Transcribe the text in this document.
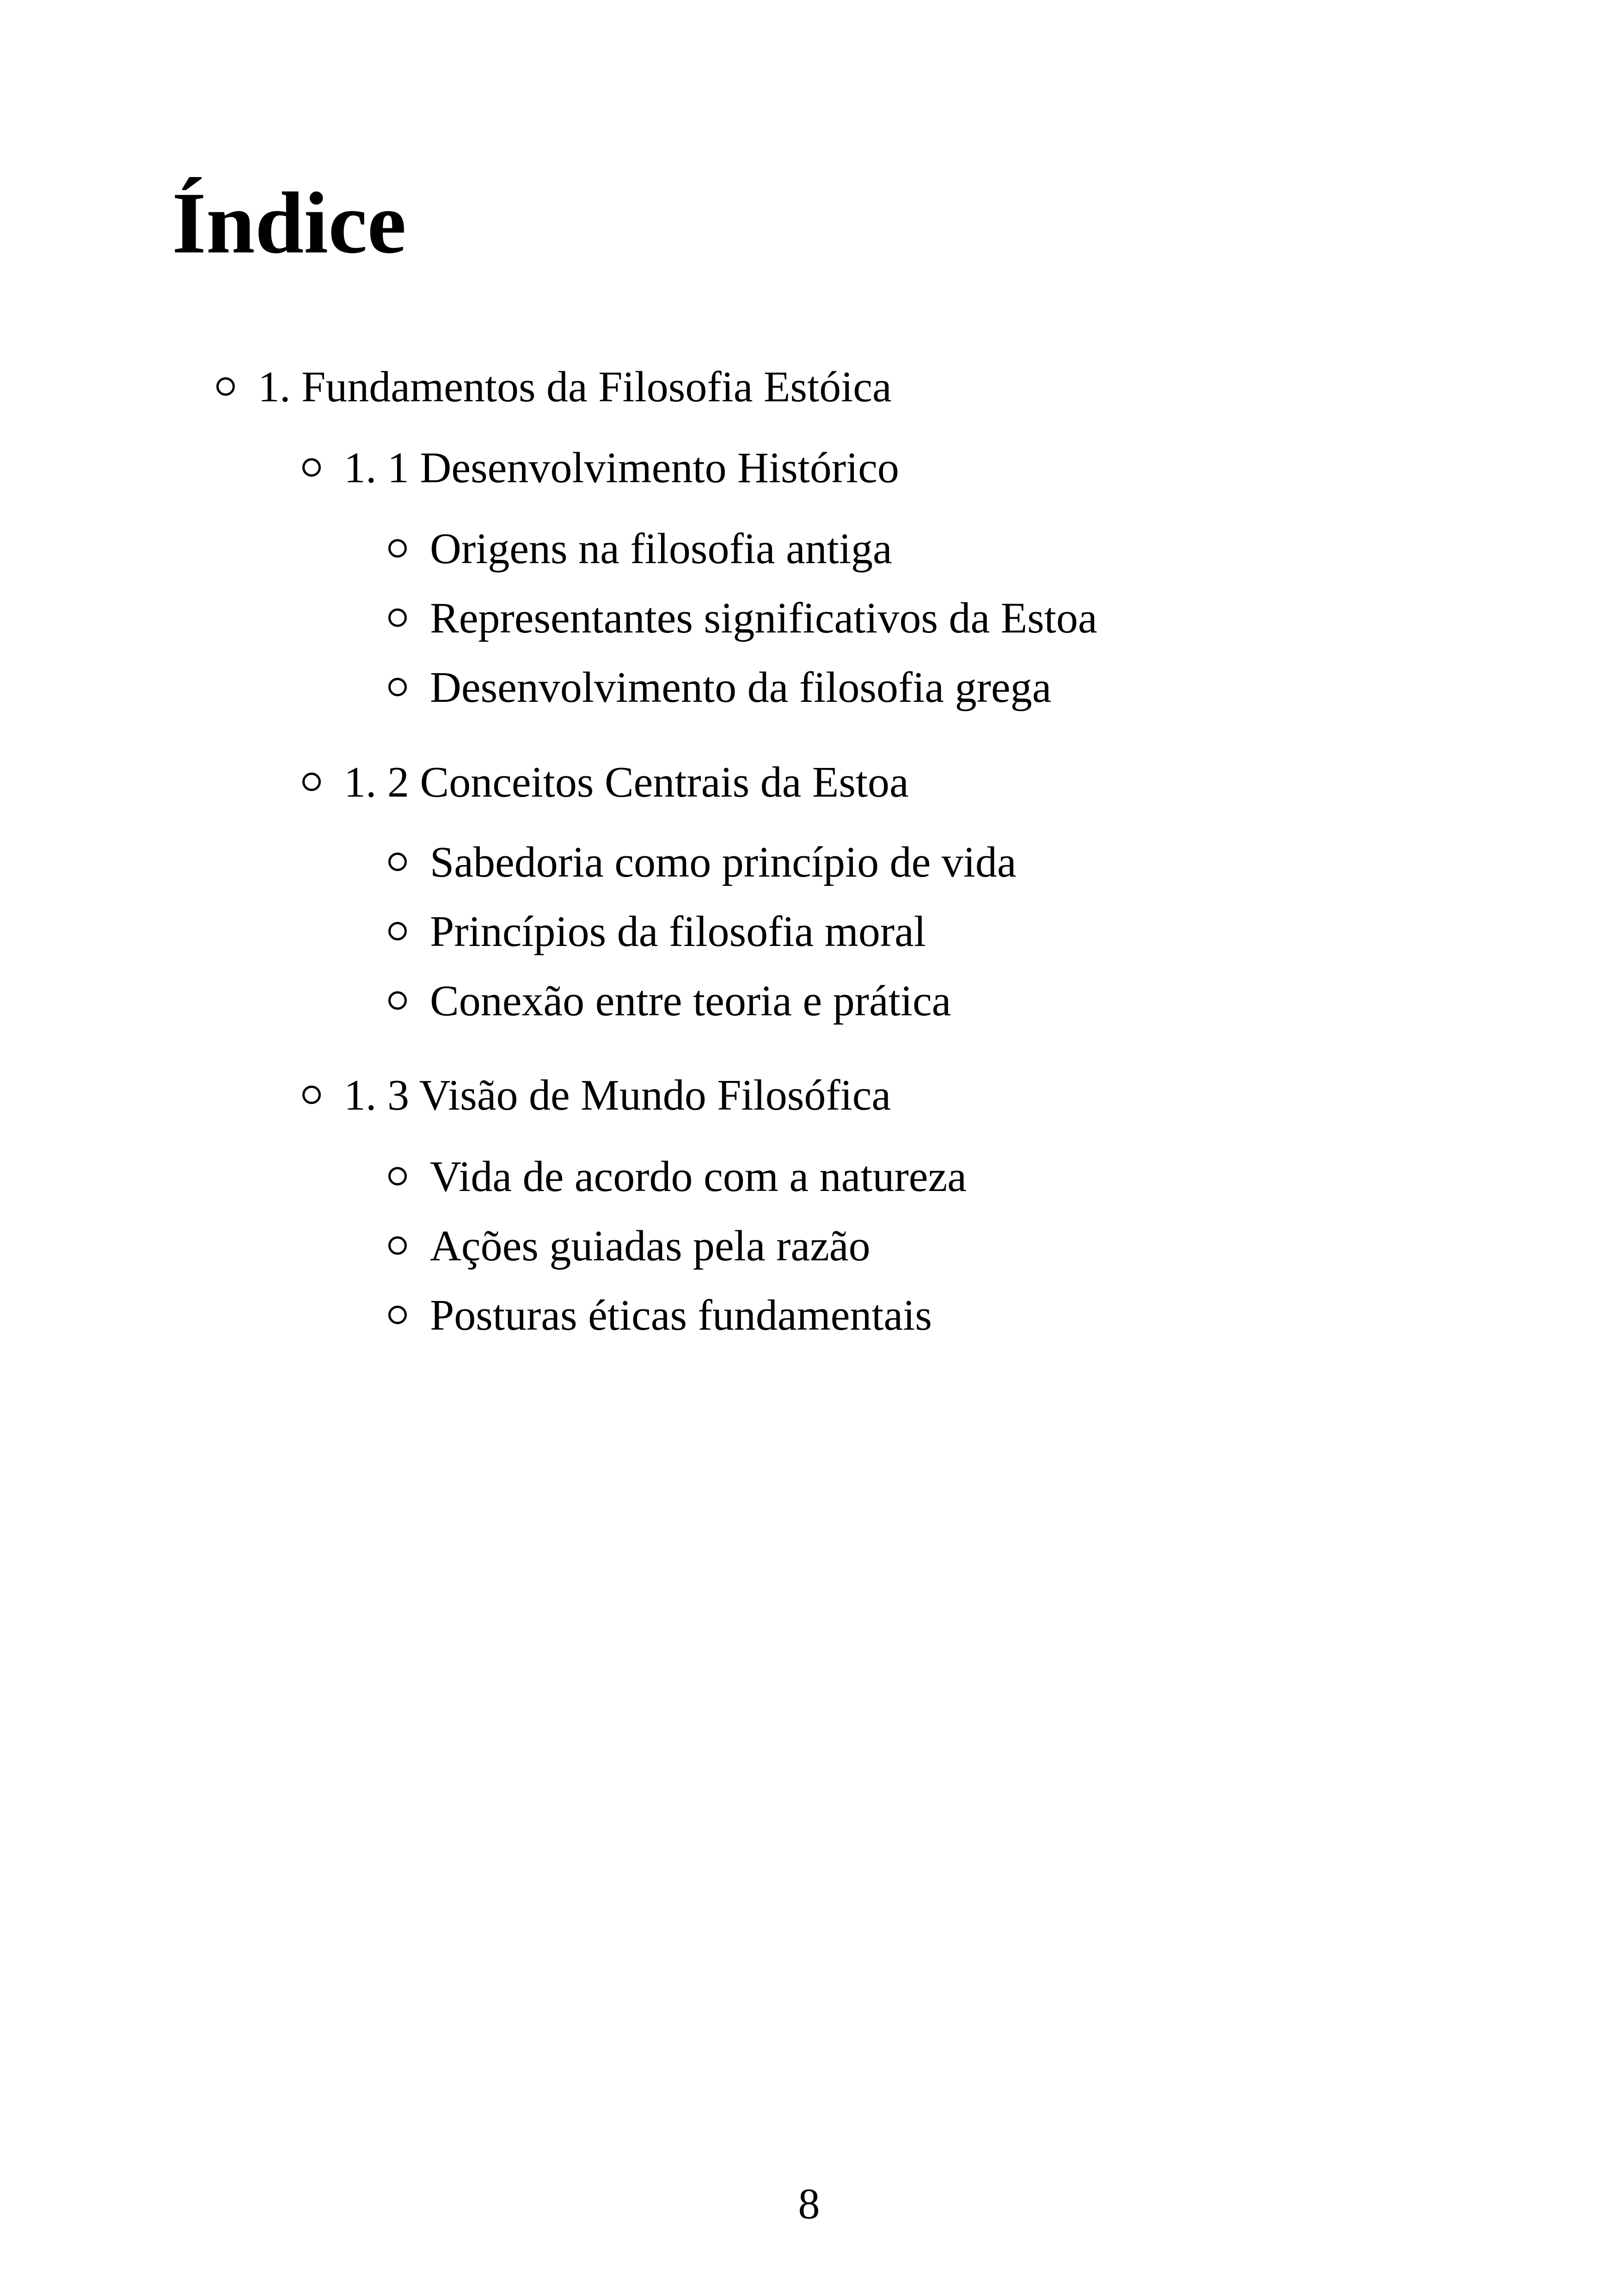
Índice
1. Fundamentos da Filosofia Estóica
1. 1 Desenvolvimento Histórico
Origens na filosofia antiga
Representantes significativos da Estoa
Desenvolvimento da filosofia grega
1. 2 Conceitos Centrais da Estoa
Sabedoria como princípio de vida
Princípios da filosofia moral
Conexão entre teoria e prática
1. 3 Visão de Mundo Filosófica
Vida de acordo com a natureza
Ações guiadas pela razão
Posturas éticas fundamentais
8
